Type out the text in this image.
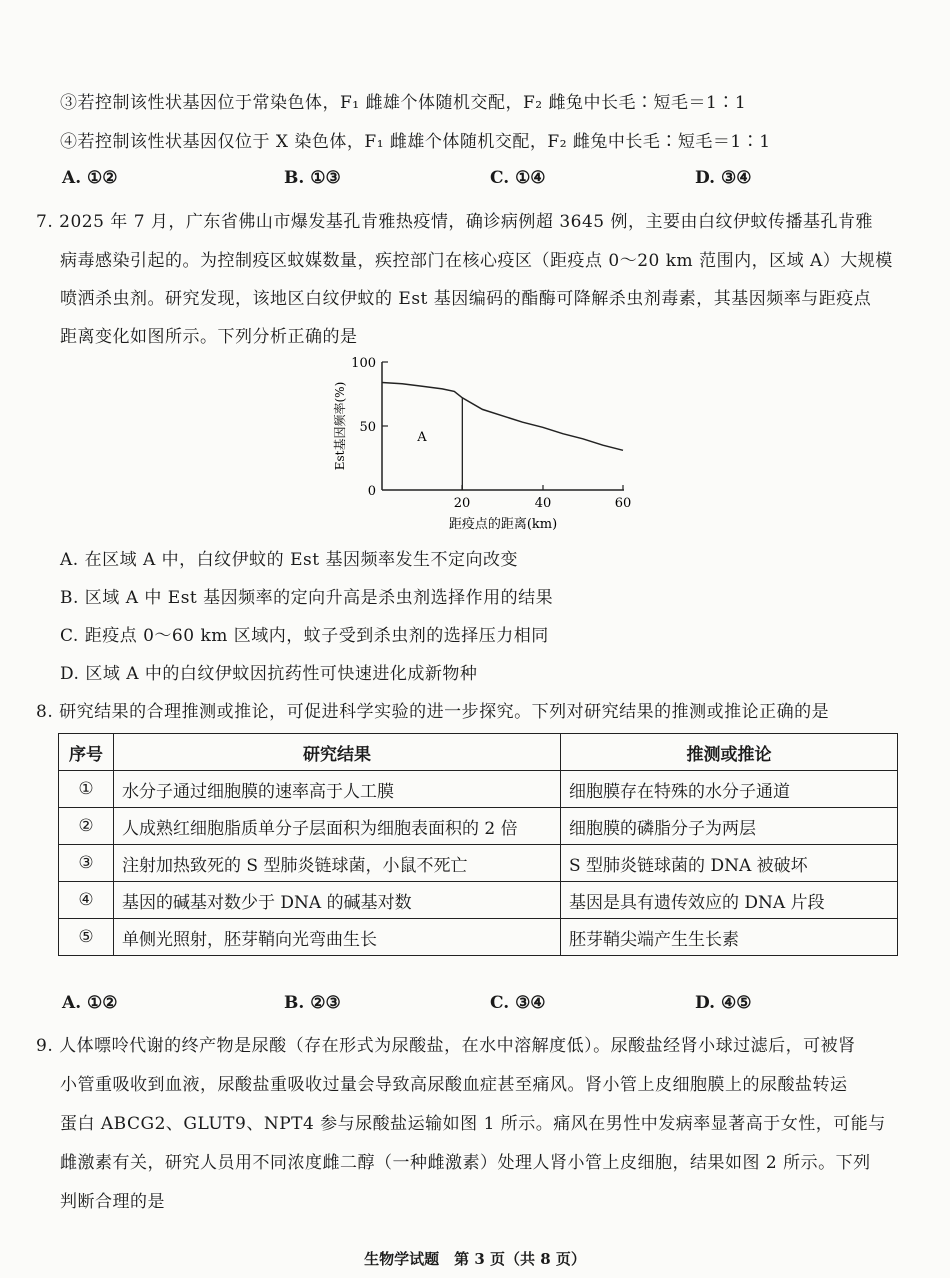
③若控制该性状基因位于常染色体，F₁ 雌雄个体随机交配，F₂ 雌兔中长毛∶短毛＝1∶1
④若控制该性状基因仅位于 X 染色体，F₁ 雌雄个体随机交配，F₂ 雌兔中长毛∶短毛＝1∶1
A. ①②	B. ①③	C. ①④	D. ③④
7. 2025 年 7 月，广东省佛山市爆发基孔肯雅热疫情，确诊病例超 3645 例，主要由白纹伊蚊传播基孔肯雅
病毒感染引起的。为控制疫区蚊媒数量，疾控部门在核心疫区（距疫点 0～20 km 范围内，区域 A）大规模
喷洒杀虫剂。研究发现，该地区白纹伊蚊的 Est 基因编码的酯酶可降解杀虫剂毒素，其基因频率与距疫点
距离变化如图所示。下列分析正确的是
100
50
0
20	40	60
距疫点的距离(km)
Est基因频率(%)	A
A. 在区域 A 中，白纹伊蚊的 Est 基因频率发生不定向改变
B. 区域 A 中 Est 基因频率的定向升高是杀虫剂选择作用的结果
C. 距疫点 0～60 km 区域内，蚊子受到杀虫剂的选择压力相同
D. 区域 A 中的白纹伊蚊因抗药性可快速进化成新物种
8. 研究结果的合理推测或推论，可促进科学实验的进一步探究。下列对研究结果的推测或推论正确的是
序号	研究结果	推测或推论
①	水分子通过细胞膜的速率高于人工膜	细胞膜存在特殊的水分子通道
②	人成熟红细胞脂质单分子层面积为细胞表面积的 2 倍	细胞膜的磷脂分子为两层
③	注射加热致死的 S 型肺炎链球菌，小鼠不死亡	S 型肺炎链球菌的 DNA 被破坏
④	基因的碱基对数少于 DNA 的碱基对数	基因是具有遗传效应的 DNA 片段
⑤	单侧光照射，胚芽鞘向光弯曲生长	胚芽鞘尖端产生生长素
A. ①②	B. ②③	C. ③④	D. ④⑤
9. 人体嘌呤代谢的终产物是尿酸（存在形式为尿酸盐，在水中溶解度低）。尿酸盐经肾小球过滤后，可被肾
小管重吸收到血液，尿酸盐重吸收过量会导致高尿酸血症甚至痛风。肾小管上皮细胞膜上的尿酸盐转运
蛋白 ABCG2、GLUT9、NPT4 参与尿酸盐运输如图 1 所示。痛风在男性中发病率显著高于女性，可能与
雌激素有关，研究人员用不同浓度雌二醇（一种雌激素）处理人肾小管上皮细胞，结果如图 2 所示。下列
判断合理的是
生物学试题　第 3 页（共 8 页）
